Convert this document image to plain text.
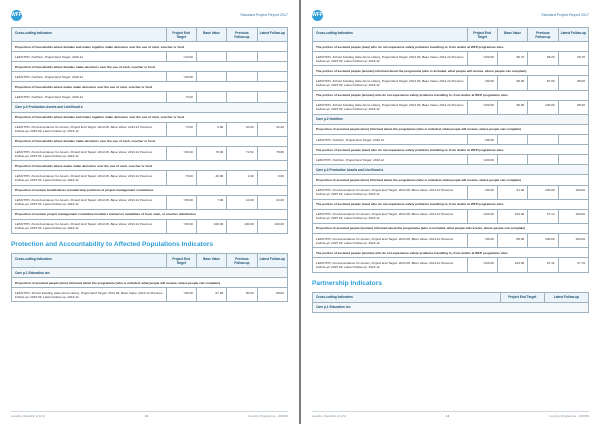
WFP	Standard Project Report 2017
Cross-cutting Indicators	Project End Target	Base Value	Previous Follow-up	Latest Follow-up
Proportion of households where females and males together make decisions over the use of cash, voucher or food				
LESOTHO, Nutrition, Project End Target: 2016.12	=10.00			
Proportion of households where females make decisions over the use of cash, voucher or food				
LESOTHO, Nutrition, Project End Target: 2016.12	>60.00			
Proportion of households where males make decisions over the use of cash, voucher or food				
LESOTHO, Nutrition, Project End Target: 2016.12	<5.00			
Care p.3 Production Assets and Livelihood a				
Proportion of households where females and males together make decisions over the use of cash, voucher or food				
LESOTHO, Food Assistance for Assets, Project End Target: 2014.09, Base Value: 2014.12 Previous Follow-up: 2015.09, Latest Follow-up: 2016.12	<5.00	0.00	20.00	22.20
Proportion of households where females make decisions over the use of cash, voucher or food				
LESOTHO, Food Assistance for Assets, Project End Target: 2014.09, Base Value: 2014.12 Previous Follow-up: 2015.09, Latest Follow-up: 2016.12	>60.00	78.00	71.54	78.86
Proportion of households where males make decisions over the use of cash, voucher or food				
LESOTHO, Food Assistance for Assets, Project End Target: 2014.09, Base Value: 2014.12 Previous Follow-up: 2015.09, Latest Follow-up: 2016.12	<5.00	20.00	1.90	0.00
Proportion of women beneficiaries in leadership positions of project management committees				
LESOTHO, Food Assistance for Assets, Project End Target: 2014.09, Base Value: 2014.12 Previous Follow-up: 2015.09, Latest Follow-up: 2016.12	>50.00	7.00	10.00	22.00
Proportion of women project management committee members trained on modalities of food, cash, or voucher distribution				
LESOTHO, Food Assistance for Assets, Project End Target: 2014.09, Base Value: 2014.12 Previous Follow-up: 2015.09, Latest Follow-up: 2016.12	>60.00	100.00	100.00	100.00
Protection and Accountability to Affected Populations Indicators
Cross-cutting Indicators	Project End Target	Base Value	Previous Follow-up	Latest Follow-up
Care p.1 Education ion				
Proportion of assisted people (men) informed about the programme (who is included, what people will receive, where people can complain)				
LESOTHO, School Feeding (take-home ration), Project End Target: 2014.09, Base Value: 2014.12 Previous Follow-up: 2015.09, Latest Follow-up: 2016.12	>80.00	67.00	80.00	88.00
Lesotho, Republic of (LS)	13	Country Programme - 200369
WFP	Standard Project Report 2017
Cross-cutting Indicators	Project End Target	Base Value	Previous Follow-up	Latest Follow-up
The portion of assisted people (men) who do not experience safety problems travelling to, from and/or at WFP programme sites				
LESOTHO, School Feeding (take-home ration), Project End Target: 2014.09, Base Value: 2014.12 Previous Follow-up: 2015.09, Latest Follow-up: 2016.12	>100.00	88.70	98.20	99.70
The portion of assisted people (women) informed about the programme (who is included, what people will receive, where people can complain)				
LESOTHO, School Feeding (take-home ration), Project End Target: 2014.09, Base Value: 2014.12 Previous Follow-up: 2015.09, Latest Follow-up: 2016.12	>80.00	68.00	87.00	88.00
The portion of assisted people (women) who do not experience safety problems travelling to, from and/or at WFP programme sites				
LESOTHO, School Feeding (take-home ration), Project End Target: 2014.09, Base Value: 2014.12 Previous Follow-up: 2015.09, Latest Follow-up: 2016.12	>100.00	88.60	100.00	98.20
Care p.2 Nutrition				
Proportion of assisted people (men) informed about the programme (who is included, what people will receive, where people can complain)				
LESOTHO, Nutrition, Project End Target: 2016.12	>80.00			
The portion of assisted people (men) who do not experience safety problems travelling to, from and/or at WFP programme sites				
LESOTHO, Nutrition, Project End Target: 2016.12	>100.00			
Care p.3 Productive Assets and Livelihood a				
Proportion of assisted people (men) informed about the programme (who is included, what people will receive, where people can complain)				
LESOTHO, Food Assistance for Assets, Project End Target: 2014.09, Base Value: 2014.12 Previous Follow-up: 2015.09, Latest Follow-up: 2016.12	>80.00	91.00	100.00	100.00
The portion of assisted people (men) who do not experience safety problems travelling to, from and/or at WFP programme sites				
LESOTHO, Food Assistance for Assets, Project End Target: 2014.09, Base Value: 2014.12 Previous Follow-up: 2015.09, Latest Follow-up: 2016.12	>100.00	100.00	97.14	100.00
Proportion of assisted people (women) informed about the programme (who is included, what people will receive, where people can complain)				
LESOTHO, Food Assistance for Assets, Project End Target: 2014.09, Base Value: 2014.12 Previous Follow-up: 2015.09, Latest Follow-up: 2016.12	>80.00	89.00	100.00	100.00
The portion of assisted people (women) who do not experience safety problems travelling to, from and/or at WFP programme sites				
LESOTHO, Food Assistance for Assets, Project End Target: 2014.09, Base Value: 2014.12 Previous Follow-up: 2015.09, Latest Follow-up: 2016.12	>100.00	100.00	97.41	97.70
Partnership Indicators
Cross-cutting Indicators	Project End Target	Latest Follow-up
Care p.1 Education ion
Lesotho, Republic of (LS)	14	Country Programme - 200369
